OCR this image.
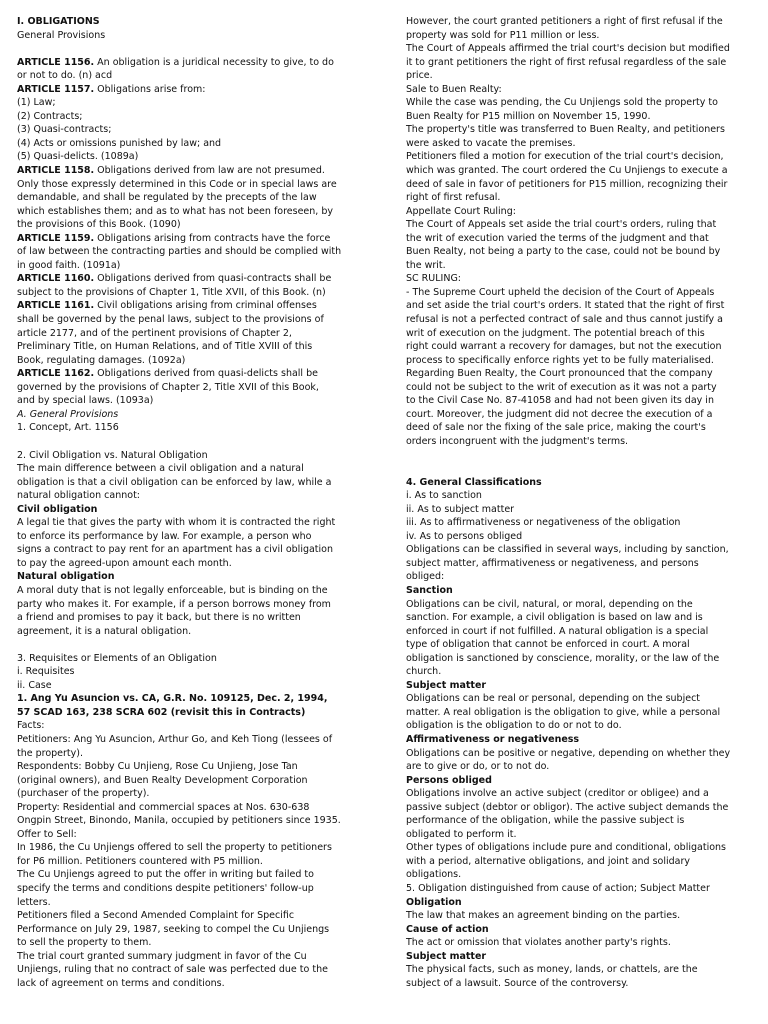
I. OBLIGATIONS
General Provisions
ARTICLE 1156. An obligation is a juridical necessity to give, to do
or not to do. (n) acd
ARTICLE 1157. Obligations arise from:
(1) Law;
(2) Contracts;
(3) Quasi-contracts;
(4) Acts or omissions punished by law; and
(5) Quasi-delicts. (1089a)
ARTICLE 1158. Obligations derived from law are not presumed.
Only those expressly determined in this Code or in special laws are
demandable, and shall be regulated by the precepts of the law
which establishes them; and as to what has not been foreseen, by
the provisions of this Book. (1090)
ARTICLE 1159. Obligations arising from contracts have the force
of law between the contracting parties and should be complied with
in good faith. (1091a)
ARTICLE 1160. Obligations derived from quasi-contracts shall be
subject to the provisions of Chapter 1, Title XVII, of this Book. (n)
ARTICLE 1161. Civil obligations arising from criminal offenses
shall be governed by the penal laws, subject to the provisions of
article 2177, and of the pertinent provisions of Chapter 2,
Preliminary Title, on Human Relations, and of Title XVIII of this
Book, regulating damages. (1092a)
ARTICLE 1162. Obligations derived from quasi-delicts shall be
governed by the provisions of Chapter 2, Title XVII of this Book,
and by special laws. (1093a)
A. General Provisions
1. Concept, Art. 1156
2. Civil Obligation vs. Natural Obligation
The main difference between a civil obligation and a natural
obligation is that a civil obligation can be enforced by law, while a
natural obligation cannot:
Civil obligation
A legal tie that gives the party with whom it is contracted the right
to enforce its performance by law. For example, a person who
signs a contract to pay rent for an apartment has a civil obligation
to pay the agreed-upon amount each month.
Natural obligation
A moral duty that is not legally enforceable, but is binding on the
party who makes it. For example, if a person borrows money from
a friend and promises to pay it back, but there is no written
agreement, it is a natural obligation.
3. Requisites or Elements of an Obligation
i. Requisites
ii. Case
1. Ang Yu Asuncion vs. CA, G.R. No. 109125, Dec. 2, 1994,
57 SCAD 163, 238 SCRA 602 (revisit this in Contracts)
Facts:
Petitioners: Ang Yu Asuncion, Arthur Go, and Keh Tiong (lessees of
the property).
Respondents: Bobby Cu Unjieng, Rose Cu Unjieng, Jose Tan
(original owners), and Buen Realty Development Corporation
(purchaser of the property).
Property: Residential and commercial spaces at Nos. 630-638
Ongpin Street, Binondo, Manila, occupied by petitioners since 1935.
Offer to Sell:
In 1986, the Cu Unjiengs offered to sell the property to petitioners
for P6 million. Petitioners countered with P5 million.
The Cu Unjiengs agreed to put the offer in writing but failed to
specify the terms and conditions despite petitioners' follow-up
letters.
Petitioners filed a Second Amended Complaint for Specific
Performance on July 29, 1987, seeking to compel the Cu Unjiengs
to sell the property to them.
The trial court granted summary judgment in favor of the Cu
Unjiengs, ruling that no contract of sale was perfected due to the
lack of agreement on terms and conditions.
However, the court granted petitioners a right of first refusal if the
property was sold for P11 million or less.
The Court of Appeals affirmed the trial court's decision but modified
it to grant petitioners the right of first refusal regardless of the sale
price.
Sale to Buen Realty:
While the case was pending, the Cu Unjiengs sold the property to
Buen Realty for P15 million on November 15, 1990.
The property's title was transferred to Buen Realty, and petitioners
were asked to vacate the premises.
Petitioners filed a motion for execution of the trial court's decision,
which was granted. The court ordered the Cu Unjiengs to execute a
deed of sale in favor of petitioners for P15 million, recognizing their
right of first refusal.
Appellate Court Ruling:
The Court of Appeals set aside the trial court's orders, ruling that
the writ of execution varied the terms of the judgment and that
Buen Realty, not being a party to the case, could not be bound by
the writ.
SC RULING:
- The Supreme Court upheld the decision of the Court of Appeals
and set aside the trial court's orders. It stated that the right of first
refusal is not a perfected contract of sale and thus cannot justify a
writ of execution on the judgment. The potential breach of this
right could warrant a recovery for damages, but not the execution
process to specifically enforce rights yet to be fully materialised.
Regarding Buen Realty, the Court pronounced that the company
could not be subject to the writ of execution as it was not a party
to the Civil Case No. 87-41058 and had not been given its day in
court. Moreover, the judgment did not decree the execution of a
deed of sale nor the fixing of the sale price, making the court's
orders incongruent with the judgment's terms.
4. General Classifications
i. As to sanction
ii. As to subject matter
iii. As to affirmativeness or negativeness of the obligation
iv. As to persons obliged
Obligations can be classified in several ways, including by sanction,
subject matter, affirmativeness or negativeness, and persons
obliged:
Sanction
Obligations can be civil, natural, or moral, depending on the
sanction. For example, a civil obligation is based on law and is
enforced in court if not fulfilled. A natural obligation is a special
type of obligation that cannot be enforced in court. A moral
obligation is sanctioned by conscience, morality, or the law of the
church.
Subject matter
Obligations can be real or personal, depending on the subject
matter. A real obligation is the obligation to give, while a personal
obligation is the obligation to do or not to do.
Affirmativeness or negativeness
Obligations can be positive or negative, depending on whether they
are to give or do, or to not do.
Persons obliged
Obligations involve an active subject (creditor or obligee) and a
passive subject (debtor or obligor). The active subject demands the
performance of the obligation, while the passive subject is
obligated to perform it.
Other types of obligations include pure and conditional, obligations
with a period, alternative obligations, and joint and solidary
obligations.
5. Obligation distinguished from cause of action; Subject Matter
Obligation
The law that makes an agreement binding on the parties.
Cause of action
The act or omission that violates another party's rights.
Subject matter
The physical facts, such as money, lands, or chattels, are the
subject of a lawsuit. Source of the controversy.
